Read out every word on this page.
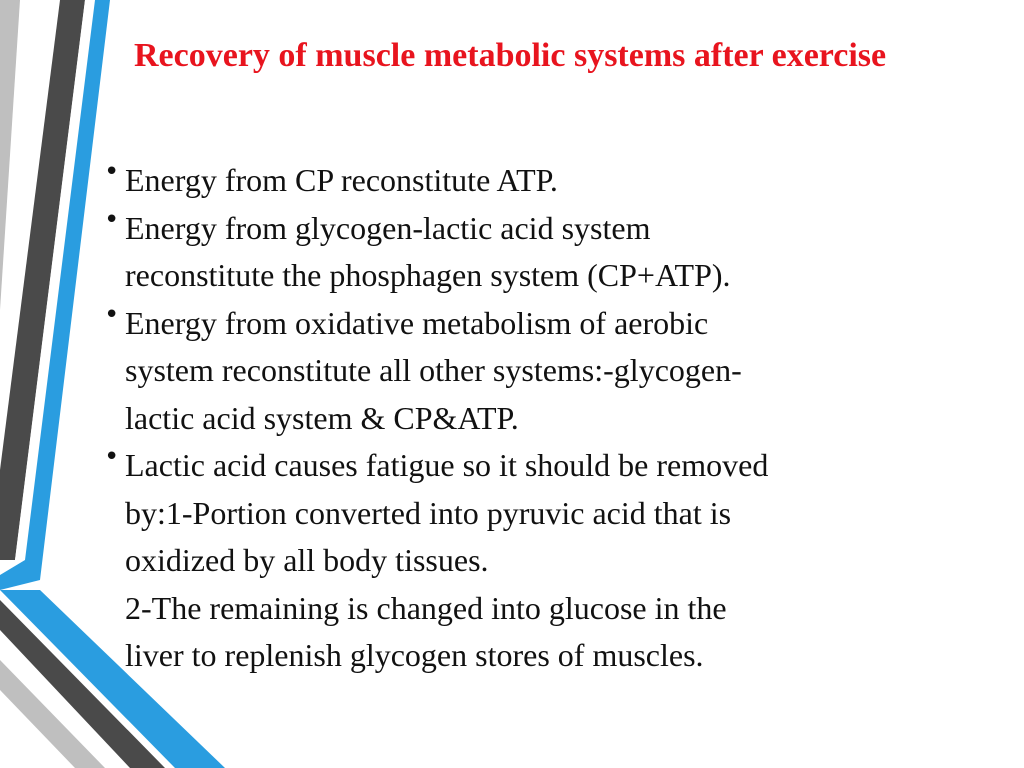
Recovery of muscle metabolic systems after exercise
• Energy from CP reconstitute ATP.
• Energy from glycogen-lactic acid system
reconstitute the phosphagen system (CP+ATP).
• Energy from oxidative metabolism of aerobic
system reconstitute all other systems:-glycogen-
lactic acid system & CP&ATP.
• Lactic acid causes fatigue so it should be removed
by:1-Portion converted into pyruvic acid that is
oxidized by all body tissues.
2-The remaining is changed into glucose in the
liver to replenish glycogen stores of muscles.
